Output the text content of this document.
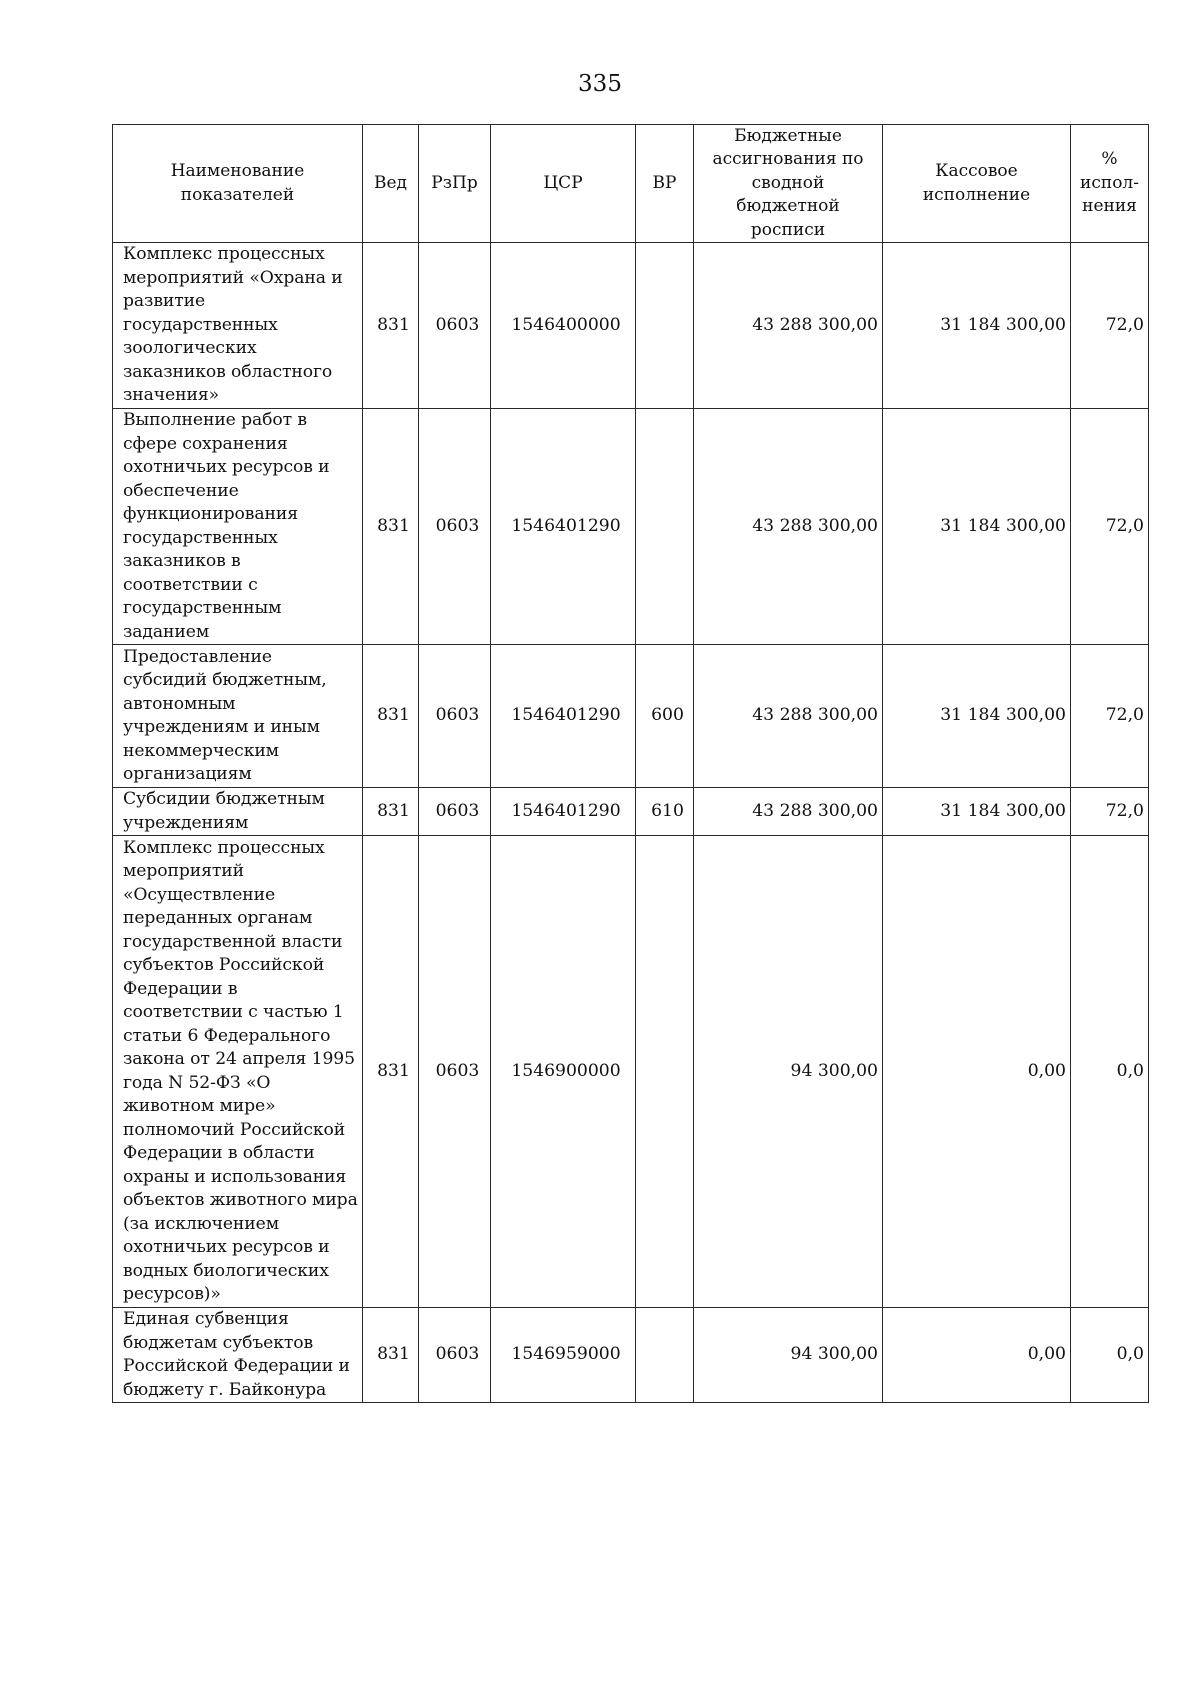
335
Наименование показателей	Вед	РзПр	ЦСР	ВР	Бюджетные ассигнования по сводной бюджетной росписи	Кассовое исполнение	% испол-нения
Комплекс процессных мероприятий «Охрана и развитие государственных зоологических заказников областного значения»	831	0603	1546400000		43 288 300,00	31 184 300,00	72,0
Выполнение работ в сфере сохранения охотничьих ресурсов и обеспечение функционирования государственных заказников в соответствии с государственным заданием	831	0603	1546401290		43 288 300,00	31 184 300,00	72,0
Предоставление субсидий бюджетным, автономным учреждениям и иным некоммерческим организациям	831	0603	1546401290	600	43 288 300,00	31 184 300,00	72,0
Субсидии бюджетным учреждениям	831	0603	1546401290	610	43 288 300,00	31 184 300,00	72,0
Комплекс процессных мероприятий «Осуществление переданных органам государственной власти субъектов Российской Федерации в соответствии с частью 1 статьи 6 Федерального закона от 24 апреля 1995 года N 52-ФЗ «О животном мире» полномочий Российской Федерации в области охраны и использования объектов животного мира (за исключением охотничьих ресурсов и водных биологических ресурсов)»	831	0603	1546900000		94 300,00	0,00	0,0
Единая субвенция бюджетам субъектов Российской Федерации и бюджету г. Байконура	831	0603	1546959000		94 300,00	0,00	0,0
